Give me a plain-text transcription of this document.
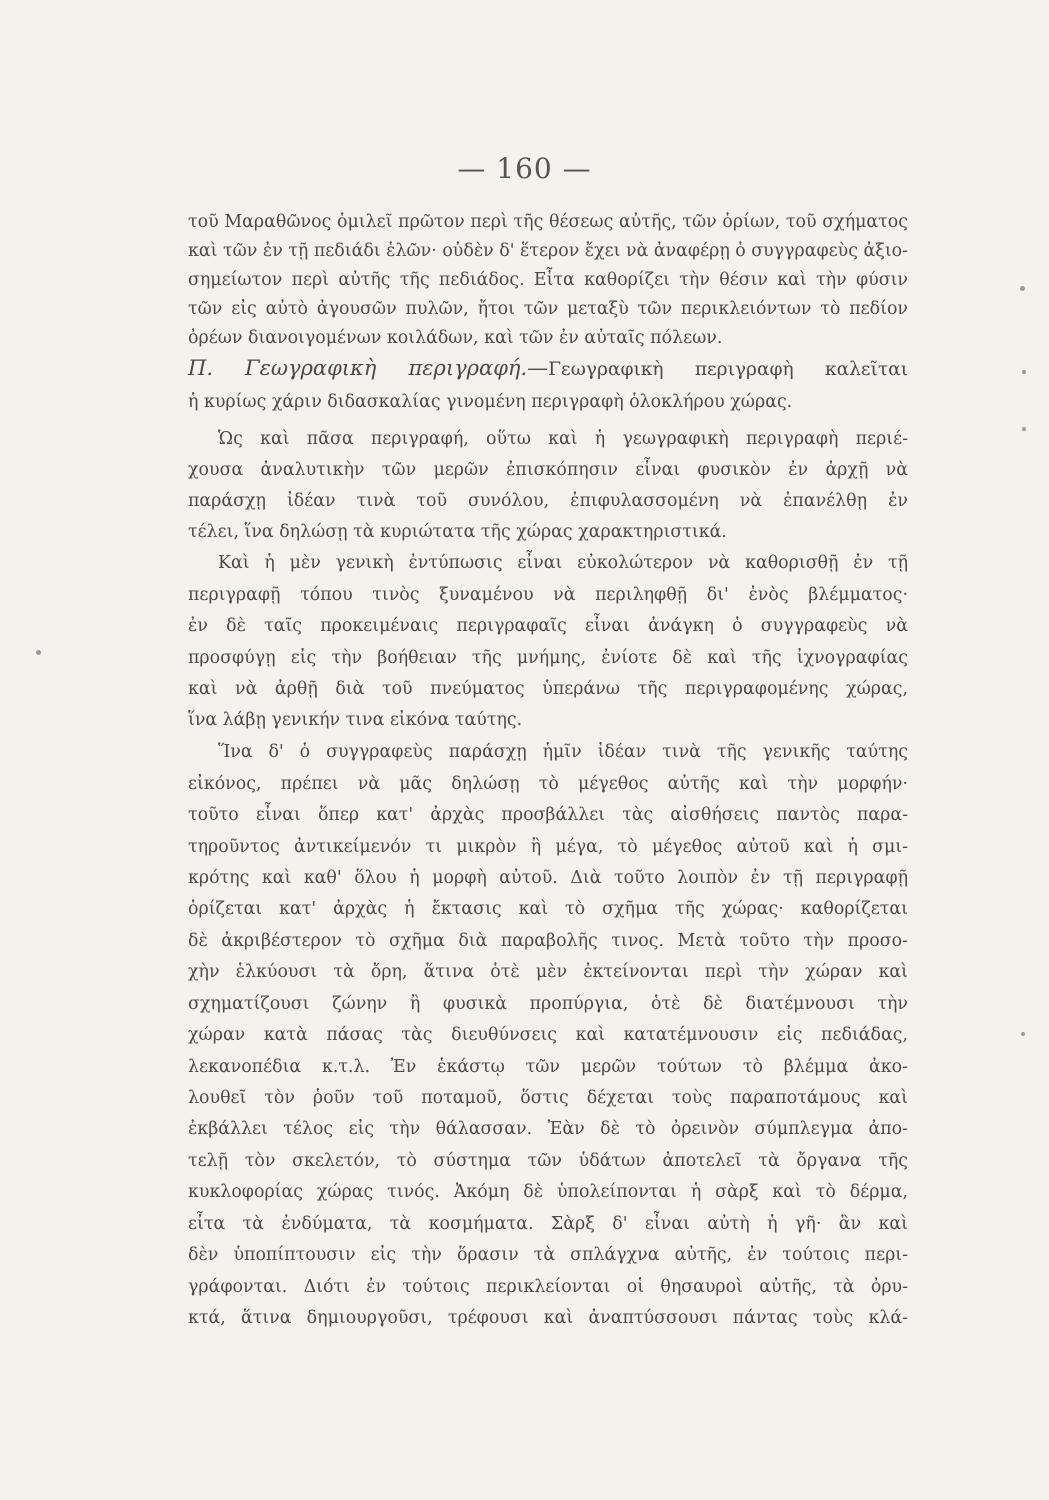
— 160 —
τοῦ Μαραθῶνος ὁμιλεῖ πρῶτον περὶ τῆς θέσεως αὐτῆς, τῶν ὁρίων, τοῦ σχήματος
καὶ τῶν ἐν τῇ πεδιάδι ἑλῶν· οὐδὲν δ' ἕτερον ἔχει νὰ ἀναφέρῃ ὁ συγγραφεὺς ἀξιο-
σημείωτον περὶ αὐτῆς τῆς πεδιάδος. Εἶτα καθορίζει τὴν θέσιν καὶ τὴν φύσιν
τῶν εἰς αὐτὸ ἀγουσῶν πυλῶν, ἤτοι τῶν μεταξὺ τῶν περικλειόντων τὸ πεδίον
ὀρέων διανοιγομένων κοιλάδων, καὶ τῶν ἐν αὐταῖς πόλεων.
Π. Γεωγραφικὴ περιγραφή.—Γεωγραφικὴ περιγραφὴ καλεῖται
ἡ κυρίως χάριν διδασκαλίας γινομένη περιγραφὴ ὁλοκλήρου χώρας.
Ὡς καὶ πᾶσα περιγραφή, οὕτω καὶ ἡ γεωγραφικὴ περιγραφὴ περιέ-
χουσα ἀναλυτικὴν τῶν μερῶν ἐπισκόπησιν εἶναι φυσικὸν ἐν ἀρχῇ νὰ
παράσχῃ ἰδέαν τινὰ τοῦ συνόλου, ἐπιφυλασσομένη νὰ ἐπανέλθῃ ἐν
τέλει, ἵνα δηλώσῃ τὰ κυριώτατα τῆς χώρας χαρακτηριστικά.
Καὶ ἡ μὲν γενικὴ ἐντύπωσις εἶναι εὐκολώτερον νὰ καθορισθῇ ἐν τῇ
περιγραφῇ τόπου τινὸς ξυναμένου νὰ περιληφθῇ δι' ἑνὸς βλέμματος·
ἐν δὲ ταῖς προκειμέναις περιγραφαῖς εἶναι ἀνάγκη ὁ συγγραφεὺς νὰ
προσφύγῃ εἰς τὴν βοήθειαν τῆς μνήμης, ἐνίοτε δὲ καὶ τῆς ἰχνογραφίας
καὶ νὰ ἀρθῇ διὰ τοῦ πνεύματος ὑπεράνω τῆς περιγραφομένης χώρας,
ἵνα λάβῃ γενικήν τινα εἰκόνα ταύτης.
Ἵνα δ' ὁ συγγραφεὺς παράσχῃ ἡμῖν ἰδέαν τινὰ τῆς γενικῆς ταύτης
εἰκόνος, πρέπει νὰ μᾶς δηλώσῃ τὸ μέγεθος αὐτῆς καὶ τὴν μορφήν·
τοῦτο εἶναι ὅπερ κατ' ἀρχὰς προσβάλλει τὰς αἰσθήσεις παντὸς παρα-
τηροῦντος ἀντικείμενόν τι μικρὸν ἢ μέγα, τὸ μέγεθος αὐτοῦ καὶ ἡ σμι-
κρότης καὶ καθ' ὅλου ἡ μορφὴ αὐτοῦ. Διὰ τοῦτο λοιπὸν ἐν τῇ περιγραφῇ
ὁρίζεται κατ' ἀρχὰς ἡ ἔκτασις καὶ τὸ σχῆμα τῆς χώρας· καθορίζεται
δὲ ἀκριβέστερον τὸ σχῆμα διὰ παραβολῆς τινος. Μετὰ τοῦτο τὴν προσο-
χὴν ἑλκύουσι τὰ ὄρη, ἅτινα ὁτὲ μὲν ἐκτείνονται περὶ τὴν χώραν καὶ
σχηματίζουσι ζώνην ἢ φυσικὰ προπύργια, ὁτὲ δὲ διατέμνουσι τὴν
χώραν κατὰ πάσας τὰς διευθύνσεις καὶ κατατέμνουσιν εἰς πεδιάδας,
λεκανοπέδια κ.τ.λ. Ἐν ἑκάστῳ τῶν μερῶν τούτων τὸ βλέμμα ἀκο-
λουθεῖ τὸν ῥοῦν τοῦ ποταμοῦ, ὅστις δέχεται τοὺς παραποτάμους καὶ
ἐκβάλλει τέλος εἰς τὴν θάλασσαν. Ἐὰν δὲ τὸ ὀρεινὸν σύμπλεγμα ἀπο-
τελῇ τὸν σκελετόν, τὸ σύστημα τῶν ὑδάτων ἀποτελεῖ τὰ ὄργανα τῆς
κυκλοφορίας χώρας τινός. Ἀκόμη δὲ ὑπολείπονται ἡ σὰρξ καὶ τὸ δέρμα,
εἶτα τὰ ἐνδύματα, τὰ κοσμήματα. Σὰρξ δ' εἶναι αὐτὴ ἡ γῆ· ἂν καὶ
δὲν ὑποπίπτουσιν εἰς τὴν ὅρασιν τὰ σπλάγχνα αὐτῆς, ἐν τούτοις περι-
γράφονται. Διότι ἐν τούτοις περικλείονται οἱ θησαυροὶ αὐτῆς, τὰ ὀρυ-
κτά, ἅτινα δημιουργοῦσι, τρέφουσι καὶ ἀναπτύσσουσι πάντας τοὺς κλά-
